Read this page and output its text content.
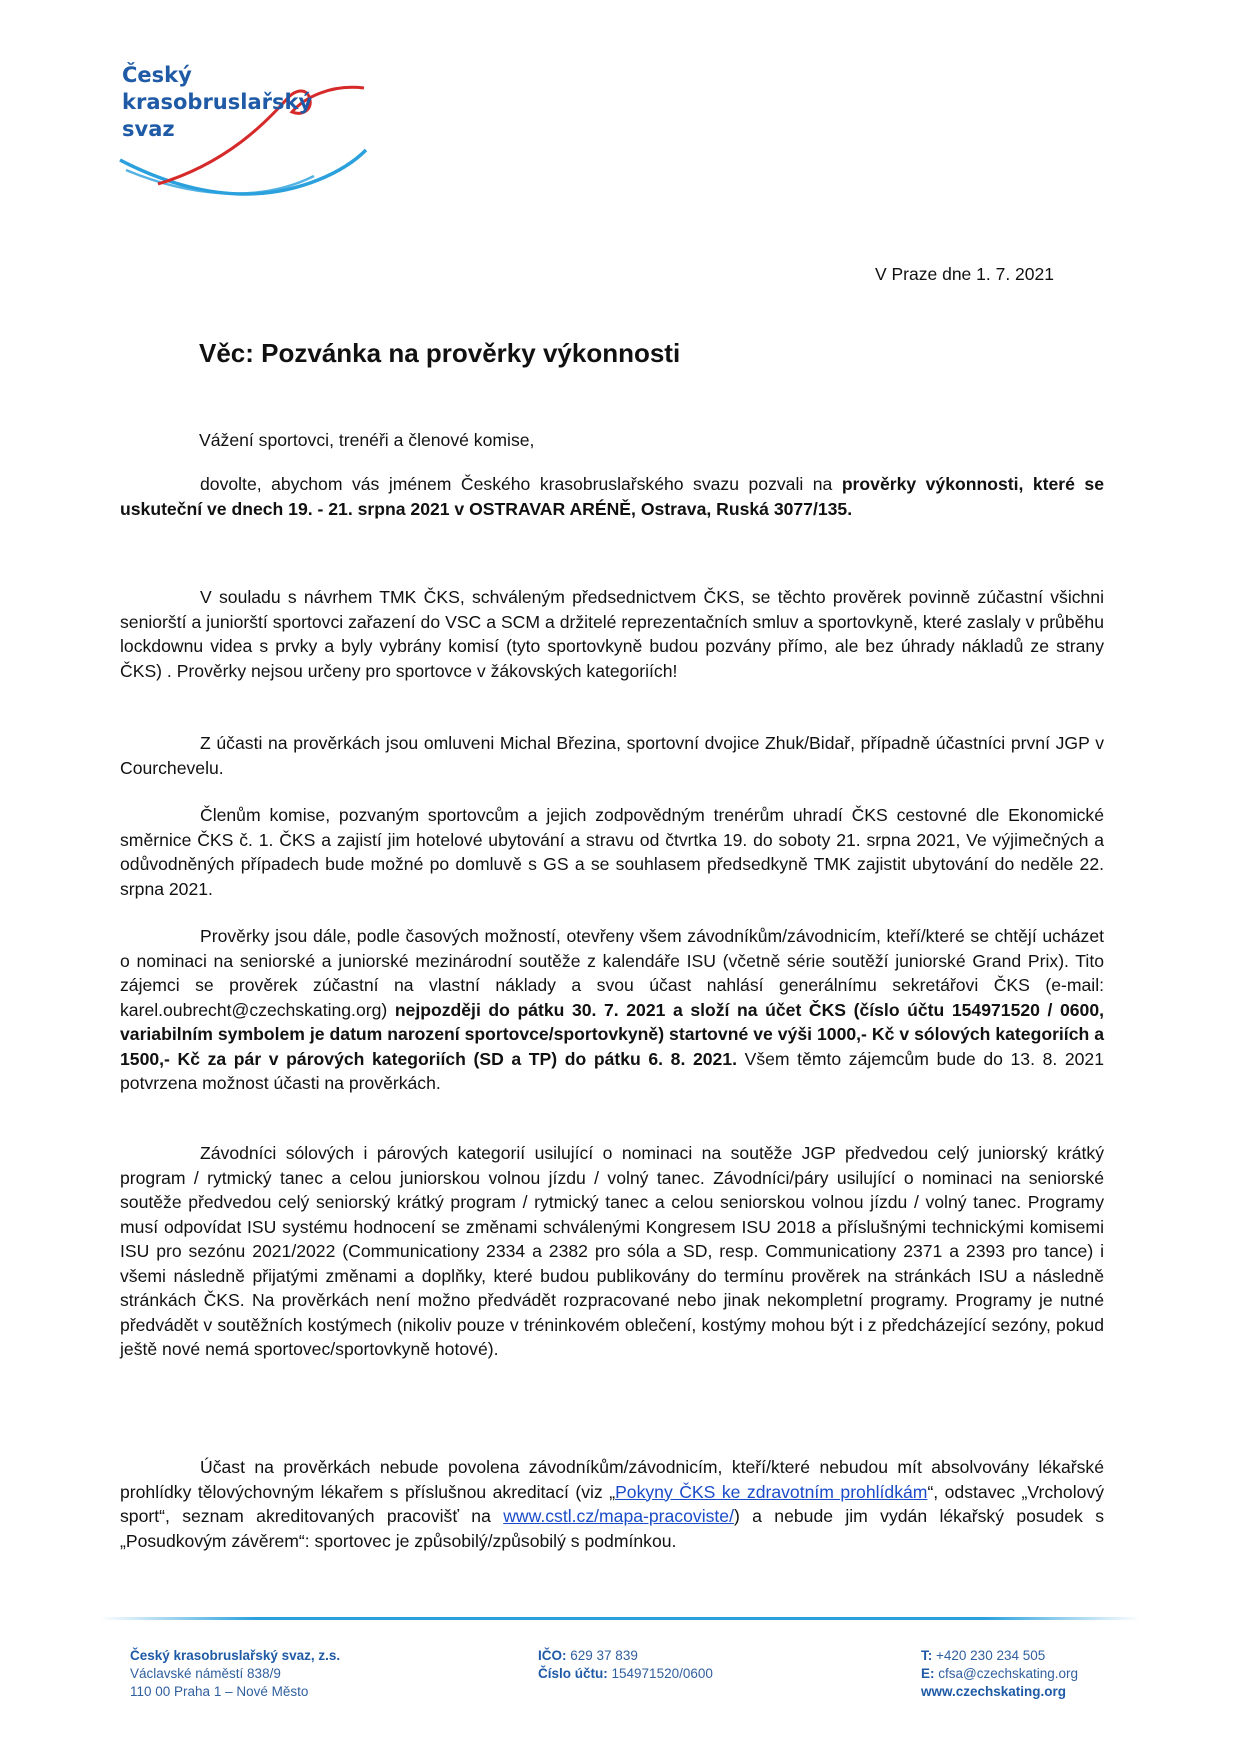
Český
krasobruslařský
svaz
V Praze dne 1. 7. 2021
Věc: Pozvánka na prověrky výkonnosti
Vážení sportovci, trenéři a členové komise,

dovolte, abychom vás jménem Českého krasobruslařského svazu pozvali na prověrky výkonnosti, které se uskuteční ve dnech 19. - 21. srpna 2021 v OSTRAVAR ARÉNĚ, Ostrava, Ruská 3077/135.

V souladu s návrhem TMK ČKS, schváleným předsednictvem ČKS, se těchto prověrek povinně zúčastní všichni seniorští a juniorští sportovci zařazení do VSC a SCM a držitelé reprezentačních smluv a sportovkyně, které zaslaly v průběhu lockdownu videa s prvky a byly vybrány komisí (tyto sportovkyně budou pozvány přímo, ale bez úhrady nákladů ze strany ČKS) . Prověrky nejsou určeny pro sportovce v žákovských kategoriích!

Z účasti na prověrkách jsou omluveni Michal Březina, sportovní dvojice Zhuk/Bidař, případně účastníci první JGP v Courchevelu.

Členům komise, pozvaným sportovcům a jejich zodpovědným trenérům uhradí ČKS cestovné dle Ekonomické směrnice ČKS č. 1. ČKS a zajistí jim hotelové ubytování a stravu od čtvrtka 19. do soboty 21. srpna 2021, Ve výjimečných a odůvodněných případech bude možné po domluvě s GS a se souhlasem předsedkyně TMK zajistit ubytování do neděle 22. srpna 2021.

Prověrky jsou dále, podle časových možností, otevřeny všem závodníkům/závodnicím, kteří/které se chtějí ucházet o nominaci na seniorské a juniorské mezinárodní soutěže z kalendáře ISU (včetně série soutěží juniorské Grand Prix). Tito zájemci se prověrek zúčastní na vlastní náklady a svou účast nahlásí generálnímu sekretářovi ČKS (e-mail: karel.oubrecht@czechskating.org) nejpozději do pátku 30. 7. 2021 a složí na účet ČKS (číslo účtu 154971520 / 0600, variabilním symbolem je datum narození sportovce/sportovkyně) startovné ve výši 1000,- Kč v sólových kategoriích a 1500,- Kč za pár v párových kategoriích (SD a TP) do pátku 6. 8. 2021. Všem těmto zájemcům bude do 13. 8. 2021 potvrzena možnost účasti na prověrkách.

Závodníci sólových i párových kategorií usilující o nominaci na soutěže JGP předvedou celý juniorský krátký program / rytmický tanec a celou juniorskou volnou jízdu / volný tanec. Závodníci/páry usilující o nominaci na seniorské soutěže předvedou celý seniorský krátký program / rytmický tanec a celou seniorskou volnou jízdu / volný tanec. Programy musí odpovídat ISU systému hodnocení se změnami schválenými Kongresem ISU 2018 a příslušnými technickými komisemi ISU pro sezónu 2021/2022 (Communicationy 2334 a 2382 pro sóla a SD, resp. Communicationy 2371 a 2393 pro tance) i všemi následně přijatými změnami a doplňky, které budou publikovány do termínu prověrek na stránkách ISU a následně stránkách ČKS. Na prověrkách není možno předvádět rozpracované nebo jinak nekompletní programy. Programy je nutné předvádět v soutěžních kostýmech (nikoliv pouze v tréninkovém oblečení, kostýmy mohou být i z předcházející sezóny, pokud ještě nové nemá sportovec/sportovkyně hotové).

Účast na prověrkách nebude povolena závodníkům/závodnicím, kteří/které nebudou mít absolvovány lékařské prohlídky tělovýchovným lékařem s příslušnou akreditací (viz „Pokyny ČKS ke zdravotním prohlídkám“, odstavec „Vrcholový sport“, seznam akreditovaných pracovišť na www.cstl.cz/mapa-pracoviste/) a nebude jim vydán lékařský posudek s „Posudkovým závěrem“: sportovec je způsobilý/způsobilý s podmínkou.

Český krasobruslařský svaz, z.s.
Václavské náměstí 838/9
110 00 Praha 1 – Nové Město
IČO: 629 37 839
Číslo účtu: 154971520/0600
T: +420 230 234 505
E: cfsa@czechskating.org
www.czechskating.org
